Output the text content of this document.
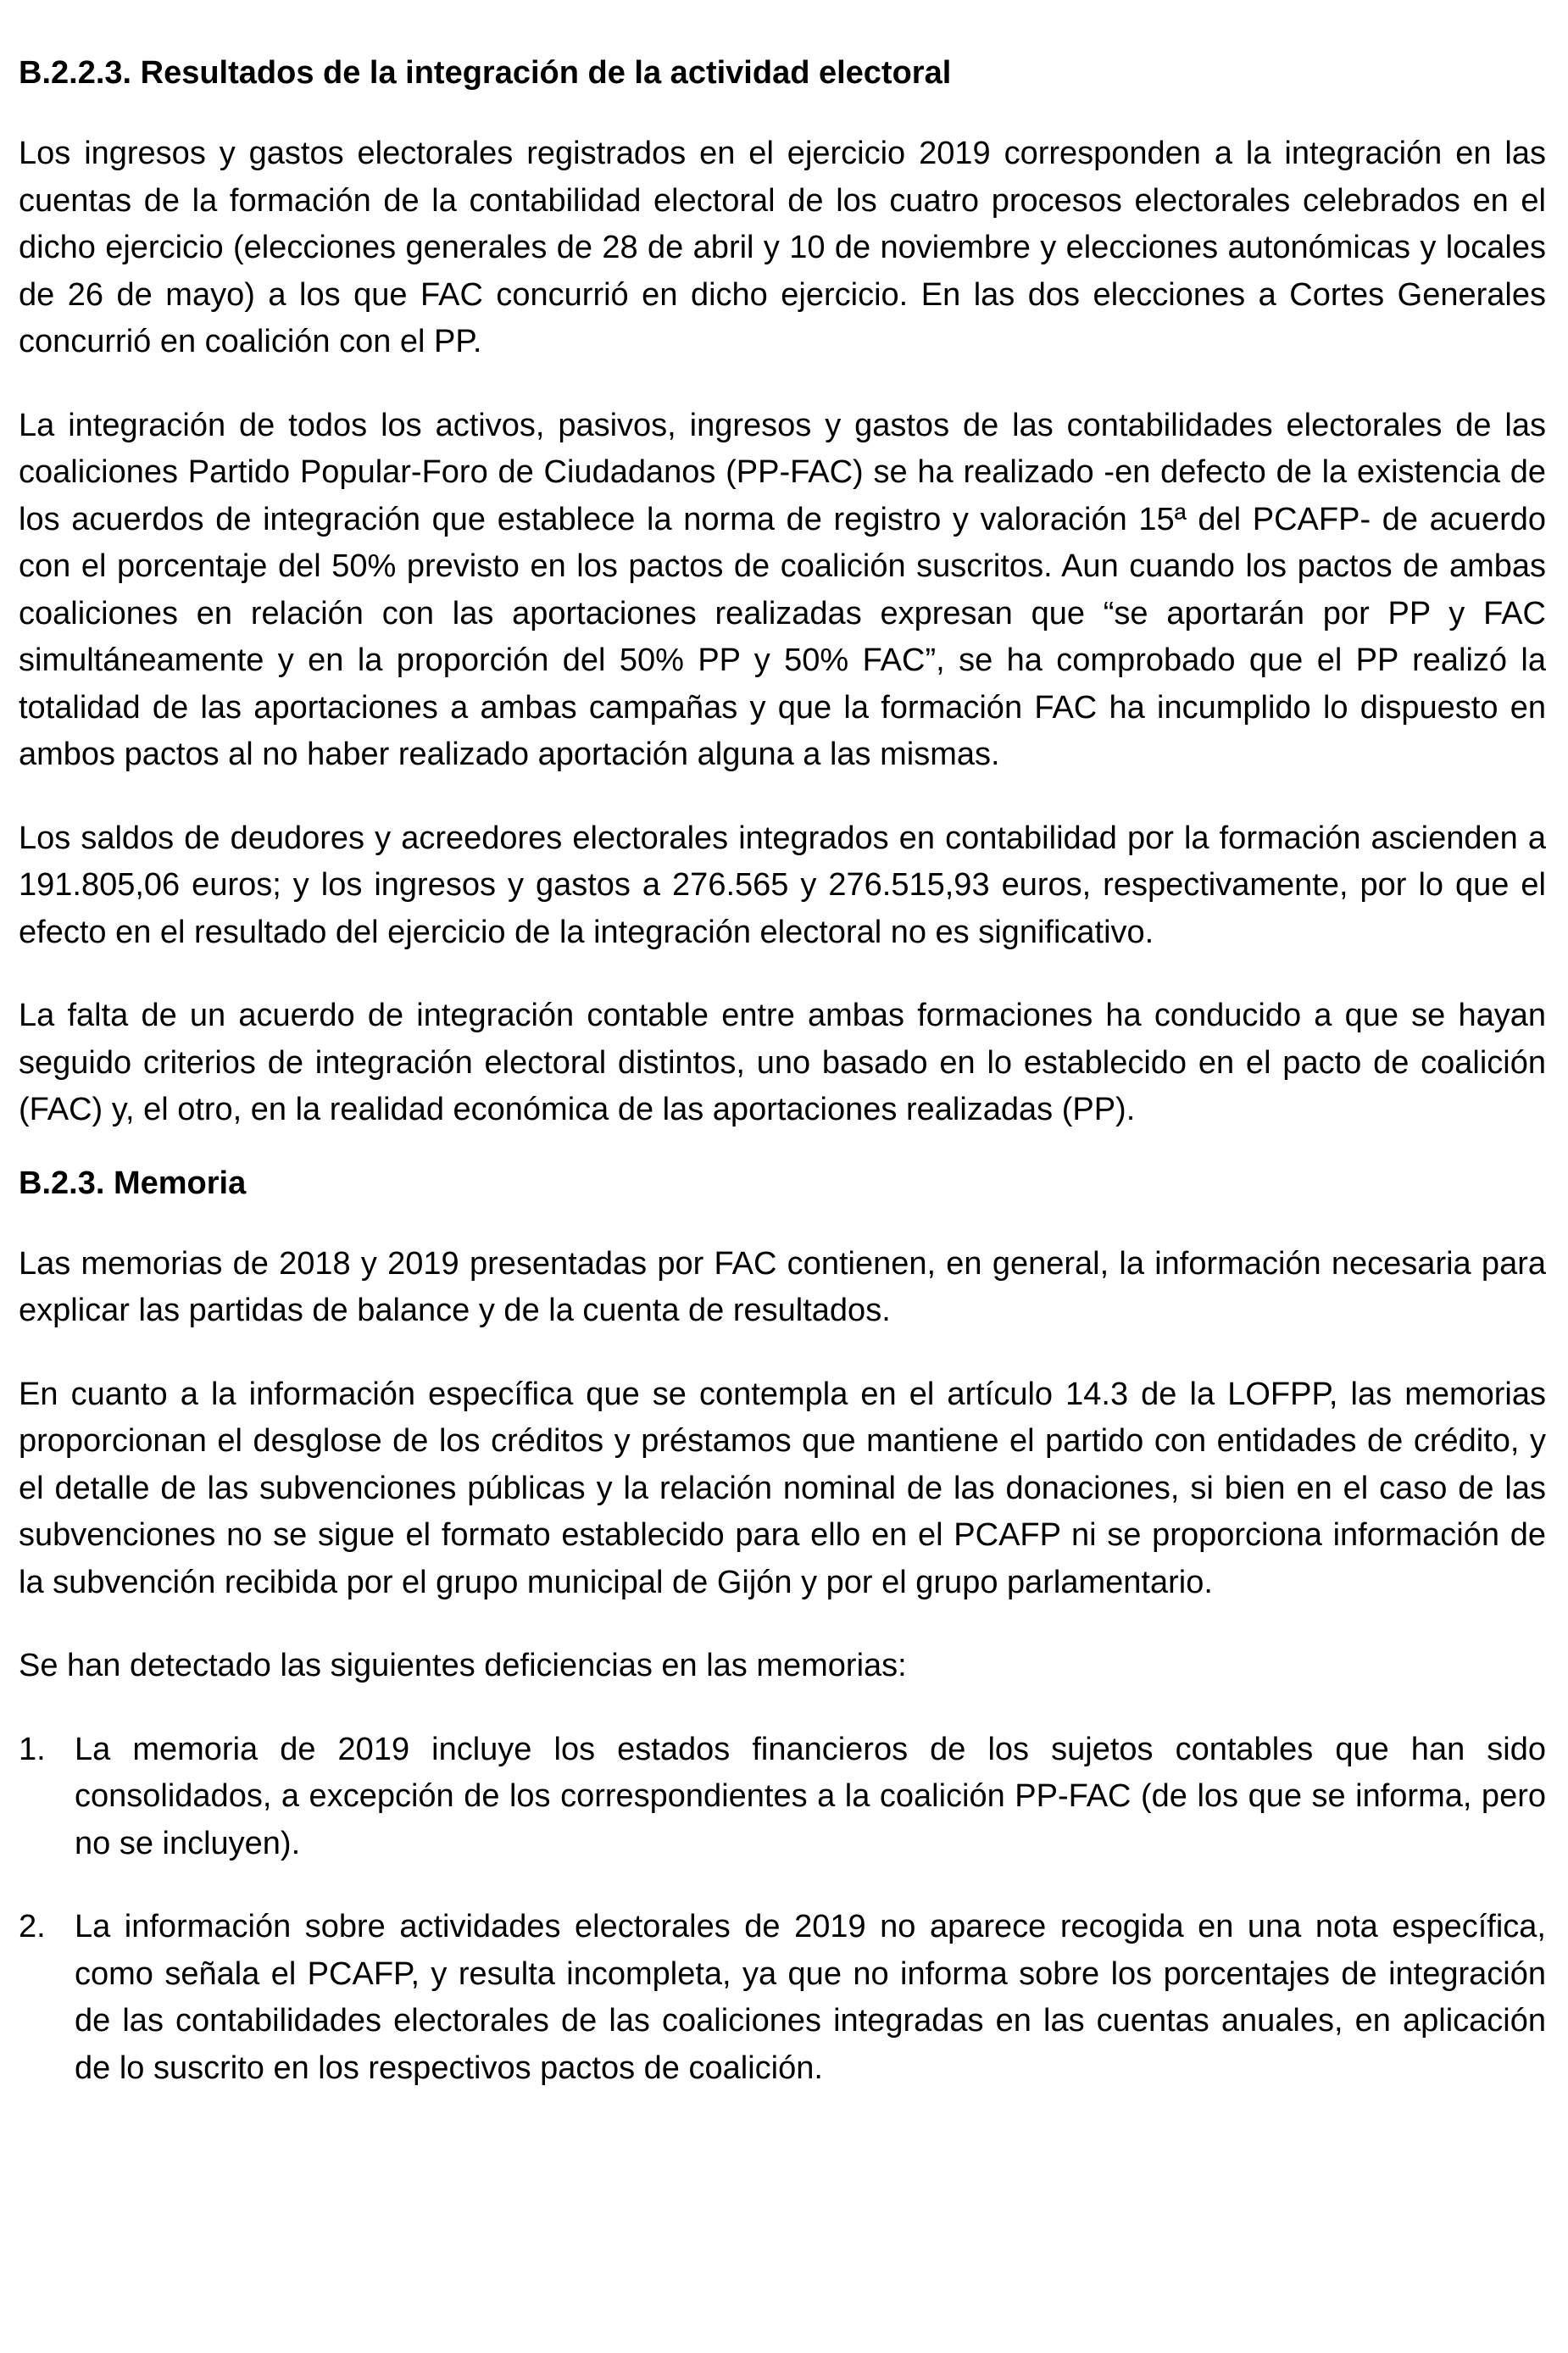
B.2.2.3. Resultados de la integración de la actividad electoral

Los ingresos y gastos electorales registrados en el ejercicio 2019 corresponden a la integración en las cuentas de la formación de la contabilidad electoral de los cuatro procesos electorales celebrados en el dicho ejercicio (elecciones generales de 28 de abril y 10 de noviembre y elecciones autonómicas y locales de 26 de mayo) a los que FAC concurrió en dicho ejercicio. En las dos elecciones a Cortes Generales concurrió en coalición con el PP.

La integración de todos los activos, pasivos, ingresos y gastos de las contabilidades electorales de las coaliciones Partido Popular-Foro de Ciudadanos (PP-FAC) se ha realizado -en defecto de la existencia de los acuerdos de integración que establece la norma de registro y valoración 15ª del PCAFP- de acuerdo con el porcentaje del 50% previsto en los pactos de coalición suscritos. Aun cuando los pactos de ambas coaliciones en relación con las aportaciones realizadas expresan que “se aportarán por PP y FAC simultáneamente y en la proporción del 50% PP y 50% FAC”, se ha comprobado que el PP realizó la totalidad de las aportaciones a ambas campañas y que la formación FAC ha incumplido lo dispuesto en ambos pactos al no haber realizado aportación alguna a las mismas.

Los saldos de deudores y acreedores electorales integrados en contabilidad por la formación ascienden a 191.805,06 euros; y los ingresos y gastos a 276.565 y 276.515,93 euros, respectivamente, por lo que el efecto en el resultado del ejercicio de la integración electoral no es significativo.

La falta de un acuerdo de integración contable entre ambas formaciones ha conducido a que se hayan seguido criterios de integración electoral distintos, uno basado en lo establecido en el pacto de coalición (FAC) y, el otro, en la realidad económica de las aportaciones realizadas (PP).

B.2.3. Memoria

Las memorias de 2018 y 2019 presentadas por FAC contienen, en general, la información necesaria para explicar las partidas de balance y de la cuenta de resultados.

En cuanto a la información específica que se contempla en el artículo 14.3 de la LOFPP, las memorias proporcionan el desglose de los créditos y préstamos que mantiene el partido con entidades de crédito, y el detalle de las subvenciones públicas y la relación nominal de las donaciones, si bien en el caso de las subvenciones no se sigue el formato establecido para ello en el PCAFP ni se proporciona información de la subvención recibida por el grupo municipal de Gijón y por el grupo parlamentario.

Se han detectado las siguientes deficiencias en las memorias:

1. La memoria de 2019 incluye los estados financieros de los sujetos contables que han sido consolidados, a excepción de los correspondientes a la coalición PP-FAC (de los que se informa, pero no se incluyen).

2. La información sobre actividades electorales de 2019 no aparece recogida en una nota específica, como señala el PCAFP, y resulta incompleta, ya que no informa sobre los porcentajes de integración de las contabilidades electorales de las coaliciones integradas en las cuentas anuales, en aplicación de lo suscrito en los respectivos pactos de coalición.
